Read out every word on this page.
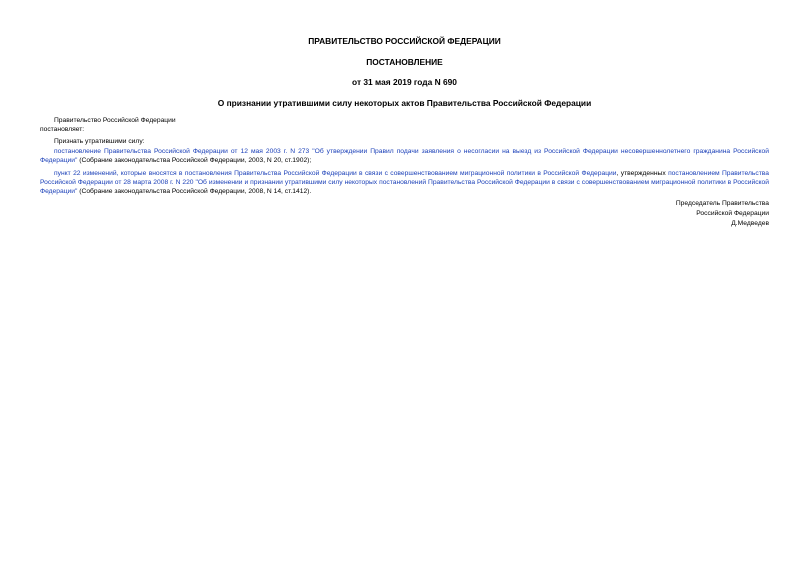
ПРАВИТЕЛЬСТВО РОССИЙСКОЙ ФЕДЕРАЦИИ
ПОСТАНОВЛЕНИЕ
от 31 мая 2019 года N 690
О признании утратившими силу некоторых актов Правительства Российской Федерации
Правительство Российской Федерации
постановляет:
Признать утратившими силу:
постановление Правительства Российской Федерации от 12 мая 2003 г. N 273 "Об утверждении Правил подачи заявления о несогласии на выезд из Российской Федерации несовершеннолетнего гражданина Российской Федерации" (Собрание законодательства Российской Федерации, 2003, N 20, ст.1902);
пункт 22 изменений, которые вносятся в постановления Правительства Российской Федерации в связи с совершенствованием миграционной политики в Российской Федерации, утвержденных постановлением Правительства Российской Федерации от 28 марта 2008 г. N 220 "Об изменении и признании утратившими силу некоторых постановлений Правительства Российской Федерации в связи с совершенствованием миграционной политики в Российской Федерации" (Собрание законодательства Российской Федерации, 2008, N 14, ст.1412).
Председатель Правительства
Российской Федерации
Д.Медведев
